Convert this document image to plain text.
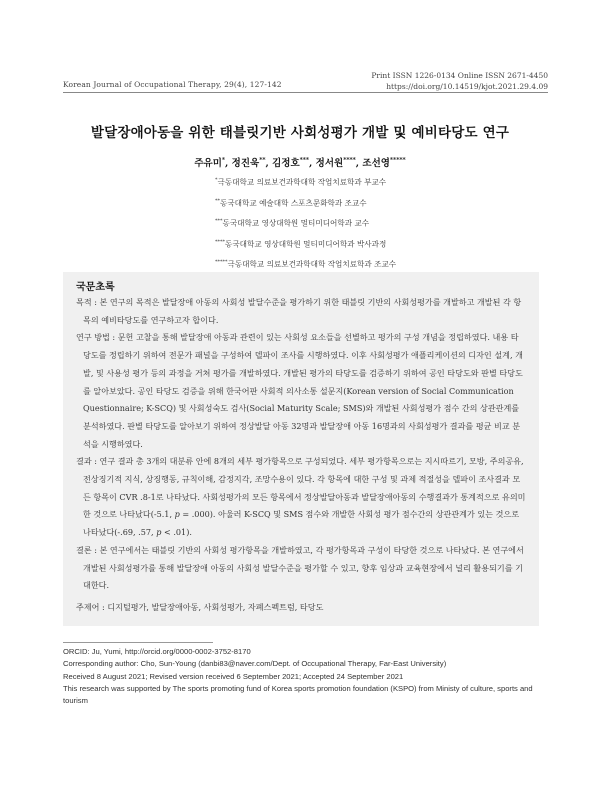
Korean Journal of Occupational Therapy, 29(4), 127-142
Print ISSN 1226-0134 Online ISSN 2671-4450
https://doi.org/10.14519/kjot.2021.29.4.09
발달장애아동을 위한 태블릿기반 사회성평가 개발 및 예비타당도 연구
주유미*, 정진욱**, 김정호***, 정서원****, 조선영*****
*극동대학교 의료보건과학대학 작업치료학과 부교수
**동국대학교 예술대학 스포츠문화학과 조교수
***동국대학교 영상대학원 멀티미디어학과 교수
****동국대학교 영상대학원 멀티미디어학과 박사과정
*****극동대학교 의료보건과학대학 작업치료학과 조교수
국문초록

목적 : 본 연구의 목적은 발달장애 아동의 사회성 발달수준을 평가하기 위한 태블릿 기반의 사회성평가를 개발하고 개발된 각 항목의 예비타당도를 연구하고자 합이다.

연구 방법 : 문헌 고찰을 통해 발달장애 아동과 관련이 있는 사회성 요소들을 선별하고 평가의 구성 개념을 정립하였다. 내용 타당도를 정립하기 위하여 전문가 패널을 구성하여 델파이 조사를 시행하였다. 이후 사회성평가 애플리케이션의 디자인 설계, 개발, 및 사용성 평가 등의 과정을 거쳐 평가를 개발하였다. 개발된 평가의 타당도를 검증하기 위하여 공인 타당도와 판별 타당도를 알아보았다. 공인 타당도 검증을 위해 한국어판 사회적 의사소통 설문지(Korean version of Social Communication Questionnaire; K-SCQ) 및 사회성숙도 검사(Social Maturity Scale; SMS)와 개발된 사회성평가 점수 간의 상관관계를 분석하였다. 판별 타당도를 알아보기 위하여 정상발달 아동 32명과 발달장애 아동 16명과의 사회성평가 결과를 평균 비교 분석을 시행하였다.

결과 : 연구 결과 총 3개의 대분류 안에 8개의 세부 평가항목으로 구성되었다. 세부 평가항목으로는 지시따르기, 모방, 주의공유, 전상징기적 지식, 상징행동, 규칙이해, 감정지각, 조망수용이 있다. 각 항목에 대한 구성 및 과제 적절성을 델파이 조사결과 모든 항목이 CVR .8-1로 나타났다. 사회성평가의 모든 항목에서 정상발달아동과 발달장애아동의 수행결과가 통계적으로 유의미한 것으로 나타났다(-5.1, p = .000). 아울러 K-SCQ 및 SMS 점수와 개발한 사회성 평가 점수간의 상관관계가 있는 것으로 나타났다(-.69, .57, p < .01).

결론 : 본 연구에서는 태블릿 기반의 사회성 평가항목을 개발하였고, 각 평가항목과 구성이 타당한 것으로 나타났다. 본 연구에서 개발된 사회성평가를 통해 발달장애 아동의 사회성 발달수준을 평가할 수 있고, 향후 임상과 교육현장에서 널리 활용되기를 기대한다.

주제어 : 디지털평가, 발달장애아동, 사회성평가, 자폐스펙트럼, 타당도
ORCID: Ju, Yumi, http://orcid.org/0000-0002-3752-8170
Corresponding author: Cho, Sun-Young (danbi83@naver.com/Dept. of Occupational Therapy, Far-East University)
Received 8 August 2021; Revised version received 6 September 2021; Accepted 24 September 2021
This research was supported by The sports promoting fund of Korea sports promotion foundation (KSPO) from Ministy of culture, sports and tourism
